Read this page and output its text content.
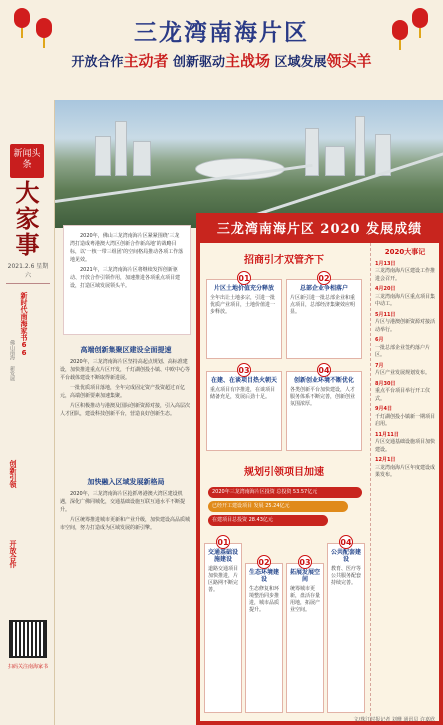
三龙湾南海片区
开放合作主动者 创新驱动主战场 区域发展领头羊
新闻头条
大家事
2021.2.6 星期六
新时代南海家书66
佛山南海 新发展
创新引领
开放合作
扫码关注南海家书

2020年，佛山三龙湾南海片区紧紧围绕‘三龙湾打造成粤港澳大湾区创新合作新高地’的战略目标，以‘一核一带三组团’的空间格局推动各项工作落地见效。

2021年，三龙湾南海片区将继续发挥创新驱动、开放合作引领作用，加速推进各项重点项目建设，打造区域发展领头羊。

高端创新集聚区建设全面提速

2020年，三龙湾南海片区坚持高起点规划、高标准建设，加快推进重点片区开发，千灯湖创投小镇、中欧中心等平台载体建设不断取得新进展。

一批优质项目落地，全年完成固定资产投资超过百亿元，高端创新要素加速集聚。

片区积极推动与港澳及国际创新资源对接，引入高层次人才团队，建设科技创新平台，营造良好创新生态。

加快融入区域发展新格局

2020年，三龙湾南海片区抢抓粤港澳大湾区建设机遇，深化广佛同城化，交通基础设施互联互通水平不断提升。

片区统筹推进城市更新和产业升级，加快建设高品质城市空间，努力打造成为区域发展的新引擎。

三龙湾南海片区 2020 发展成绩
招商引才双管齐下
片区土地价值充分释放
全年出让土地多宗，引进一批优质产业项目，土地价值进一步释放。
01
总部企业争相落户
片区新引进一批总部企业和重点项目，总部经济集聚效应明显。
02
在建、在谈项目热火朝天
重点项目有序推进，在谈项目储备充足，发展后劲十足。
03
创新创业环境不断优化
各类创新平台加快建设，人才服务体系不断完善，创新创业氛围浓厚。
04
规划引领项目加速
2020年三龙湾南海片区投资 总投资 53.57亿元
已经开工建设项目 发展 25.24亿元
在建项目总投资 28.43亿元
交通基础设施建设
道路交通项目加快推进，片区路网不断完善。
01
生态环境建设
生态修复和环境整治同步推进，城市品质提升。
02
拓展发展空间
统筹城市更新，盘活存量用地，拓展产业空间。
03
公共配套建设
教育、医疗等公共服务配套持续完善。
04
2020大事记
1月13日
三龙湾南海片区建设工作推进会召开。
4月20日
三龙湾南海片区重点项目集中动工。
5月11日
片区与港澳创新资源对接活动举行。
6月
一批总部企业签约落户片区。
7月
片区产业发展规划发布。
8月30日
重点平台项目举行开工仪式。
9月4日
千灯湖创投小镇新一期项目启用。
11月11日
片区交通基础设施项目加快建设。
12月1日
三龙湾南海片区年度建设成果发布。
文/珠江时报记者 刘珊 通讯员 许嘉欣
